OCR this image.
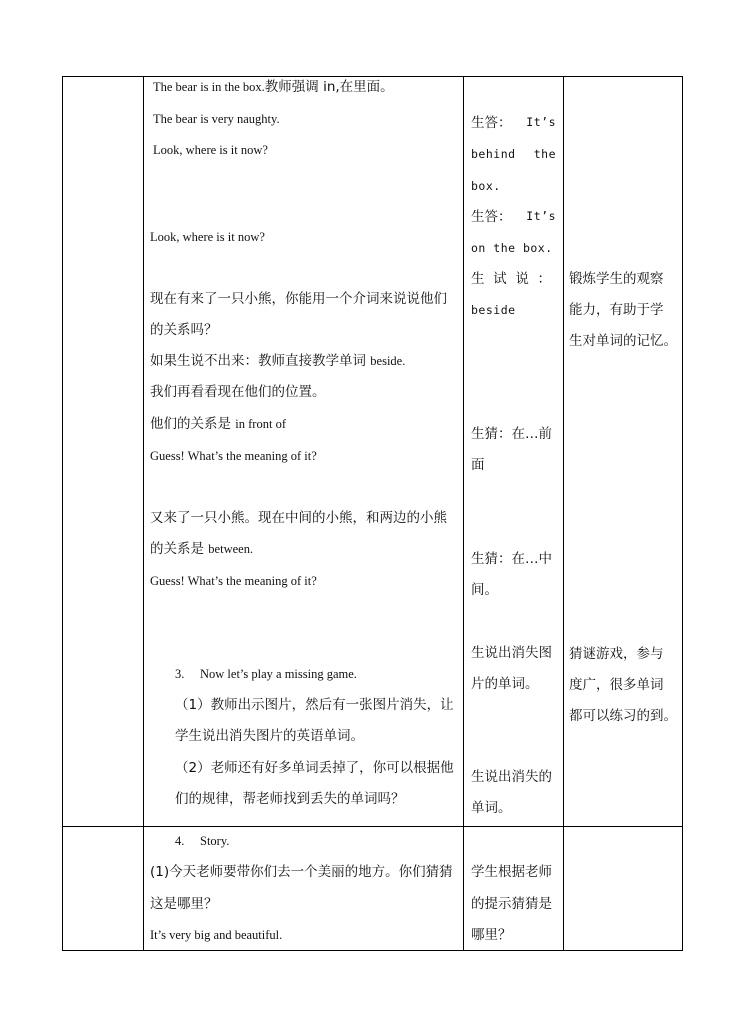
The bear is in the box.教师强调 in,在里面。
The bear is very naughty.
Look, where is it now?
Look, where is it now?
现在有来了一只小熊，你能用一个介词来说说他们
的关系吗？
如果生说不出来：教师直接教学单词 beside.
我们再看看现在他们的位置。
他们的关系是 in front of
Guess! What’s the meaning of it?
又来了一只小熊。现在中间的小熊，和两边的小熊
的关系是 between.
Guess! What’s the meaning of it?
3. Now let’s play a missing game.
（1）教师出示图片，然后有一张图片消失，让
学生说出消失图片的英语单词。
（2）老师还有好多单词丢掉了，你可以根据他
们的规律，帮老师找到丢失的单词吗？
4. Story.
(1)今天老师要带你们去一个美丽的地方。你们猜猜
这是哪里？
It’s very big and beautiful.
生答： It’s
behind the
box.
生答： It’s
on the box.
生 试 说 ：
beside
生猜：在…前
面
生猜：在…中
间。
生说出消失图
片的单词。
生说出消失的
单词。
学生根据老师
的提示猜猜是
哪里？
锻炼学生的观察
能力，有助于学
生对单词的记忆。
猜谜游戏，参与
度广，很多单词
都可以练习的到。
